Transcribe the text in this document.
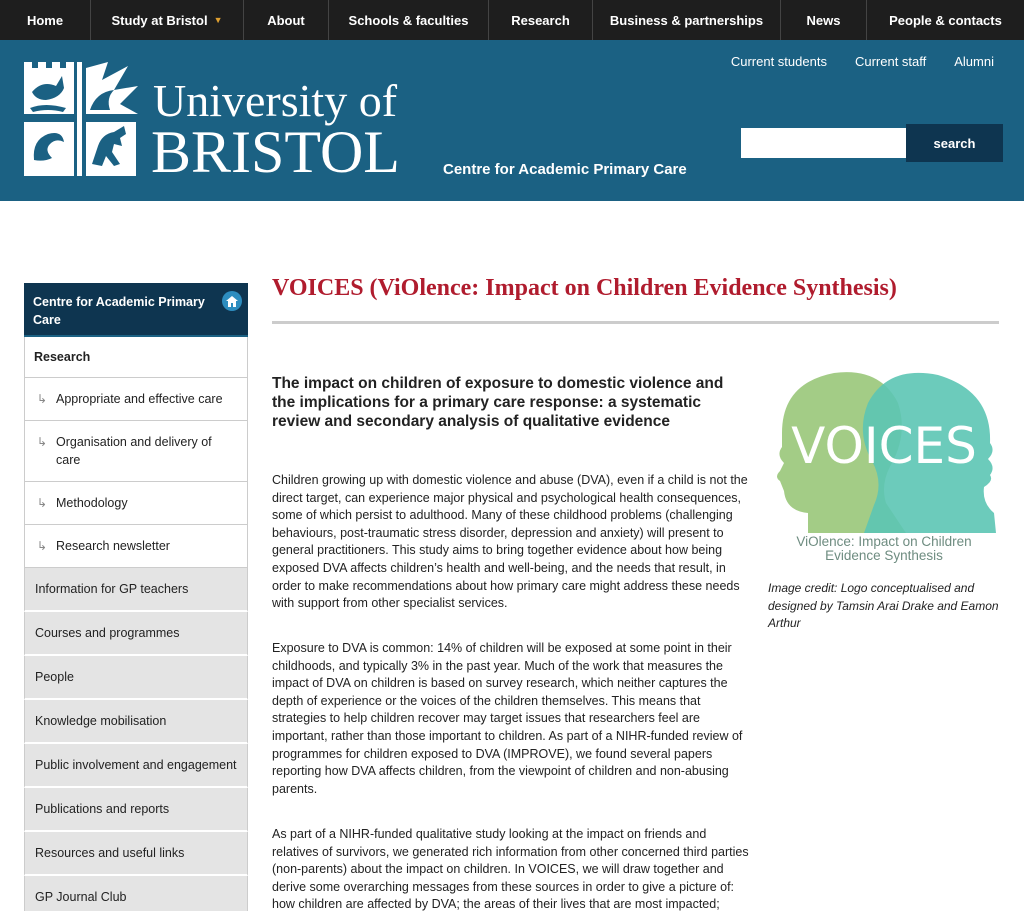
Home	Study at Bristol ▼	About	Schools & faculties	Research	Business & partnerships	News	People & contacts
University of
BRISTOL	Centre for Academic Primary Care
Current students Current staff Alumni
search
Centre for Academic Primary Care
Research
↳ Appropriate and effective care
↳ Organisation and delivery of care
↳ Methodology
↳ Research newsletter
Information for GP teachers
Courses and programmes
People
Knowledge mobilisation
Public involvement and engagement
Publications and reports
Resources and useful links
GP Journal Club
VOICES (ViOlence: Impact on Children Evidence Synthesis)
The impact on children of exposure to domestic violence and the implications for a primary care response: a systematic review and secondary analysis of qualitative evidence

Children growing up with domestic violence and abuse (DVA), even if a child is not the direct target, can experience major physical and psychological health consequences, some of which persist to adulthood. Many of these childhood problems (challenging behaviours, post-traumatic stress disorder, depression and anxiety) will present to general practitioners. This study aims to bring together evidence about how being exposed DVA affects children’s health and well-being, and the needs that result, in order to make recommendations about how primary care might address these needs with support from other specialist services.

Exposure to DVA is common: 14% of children will be exposed at some point in their childhoods, and typically 3% in the past year. Much of the work that measures the impact of DVA on children is based on survey research, which neither captures the depth of experience or the voices of the children themselves. This means that strategies to help children recover may target issues that researchers feel are important, rather than those important to children. As part of a NIHR-funded review of programmes for children exposed to DVA (IMPROVE), we found several papers reporting how DVA affects children, from the viewpoint of children and non-abusing parents.

As part of a NIHR-funded qualitative study looking at the impact on friends and relatives of survivors, we generated rich information from other concerned third parties (non-parents) about the impact on children. In VOICES, we will draw together and derive some overarching messages from these sources in order to give a picture of: how children are affected by DVA; the areas of their lives that are most impacted;

VOICES
ViOlence: Impact on Children
Evidence Synthesis

Image credit: Logo conceptualised and designed by Tamsin Arai Drake and Eamon Arthur
